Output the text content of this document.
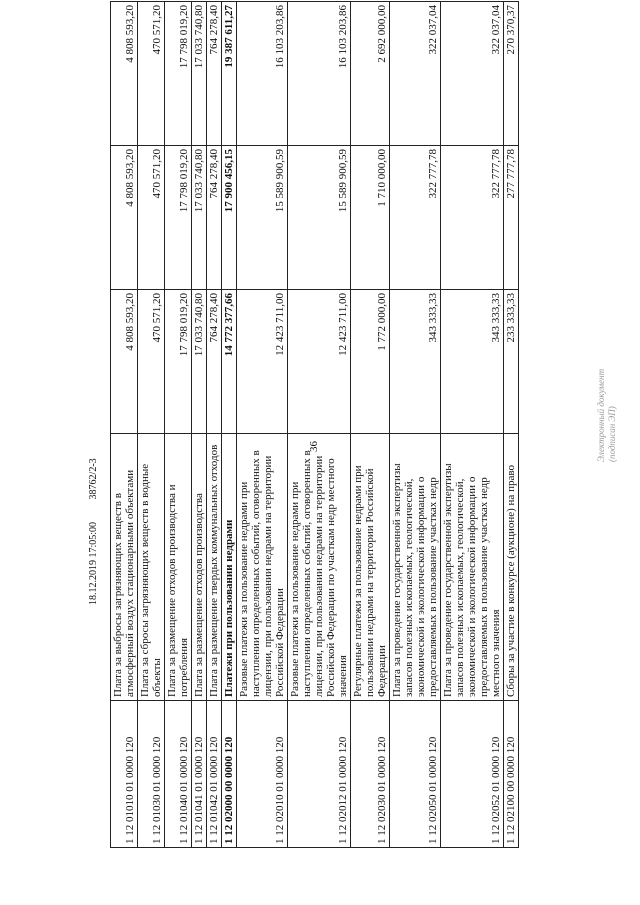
36
18.12.2019 17:05:00 38762/2-3
Электронный документ (подписан ЭП)
1 12 01010 01 0000 120	Плата за выбросы загрязняющих веществ в атмосферный воздух стационарными объектами	4 808 593,20	4 808 593,20	4 808 593,20
1 12 01030 01 0000 120	Плата за сбросы загрязняющих веществ в водные объекты	470 571,20	470 571,20	470 571,20
1 12 01040 01 0000 120	Плата за размещение отходов производства и потребления	17 798 019,20	17 798 019,20	17 798 019,20
1 12 01041 01 0000 120	Плата за размещение отходов производства	17 033 740,80	17 033 740,80	17 033 740,80
1 12 01042 01 0000 120	Плата за размещение твердых коммунальных отходов	764 278,40	764 278,40	764 278,40
1 12 02000 00 0000 120	Платежи при пользовании недрами	14 772 377,66	17 900 456,15	19 387 611,27
1 12 02010 01 0000 120	Разовые платежи за пользование недрами при наступлении определенных событий, оговоренных в лицензии, при пользовании недрами на территории Российской Федерации	12 423 711,00	15 589 900,59	16 103 203,86
1 12 02012 01 0000 120	Разовые платежи за пользование недрами при наступлении определенных событий, оговоренных в лицензии, при пользовании недрами на территории Российской Федерации по участкам недр местного значения	12 423 711,00	15 589 900,59	16 103 203,86
1 12 02030 01 0000 120	Регулярные платежи за пользование недрами при пользовании недрами на территории Российской Федерации	1 772 000,00	1 710 000,00	2 692 000,00
1 12 02050 01 0000 120	Плата за проведение государственной экспертизы запасов полезных ископаемых, геологической, экономической и экологической информации о предоставляемых в пользование участках недр	343 333,33	322 777,78	322 037,04
1 12 02052 01 0000 120	Плата за проведение государственной экспертизы запасов полезных ископаемых, геологической, экономической и экологической информации о предоставляемых в пользование участках недр местного значения	343 333,33	322 777,78	322 037,04
1 12 02100 00 0000 120	Сборы за участие в конкурсе (аукционе) на право	233 333,33	277 777,78	270 370,37
